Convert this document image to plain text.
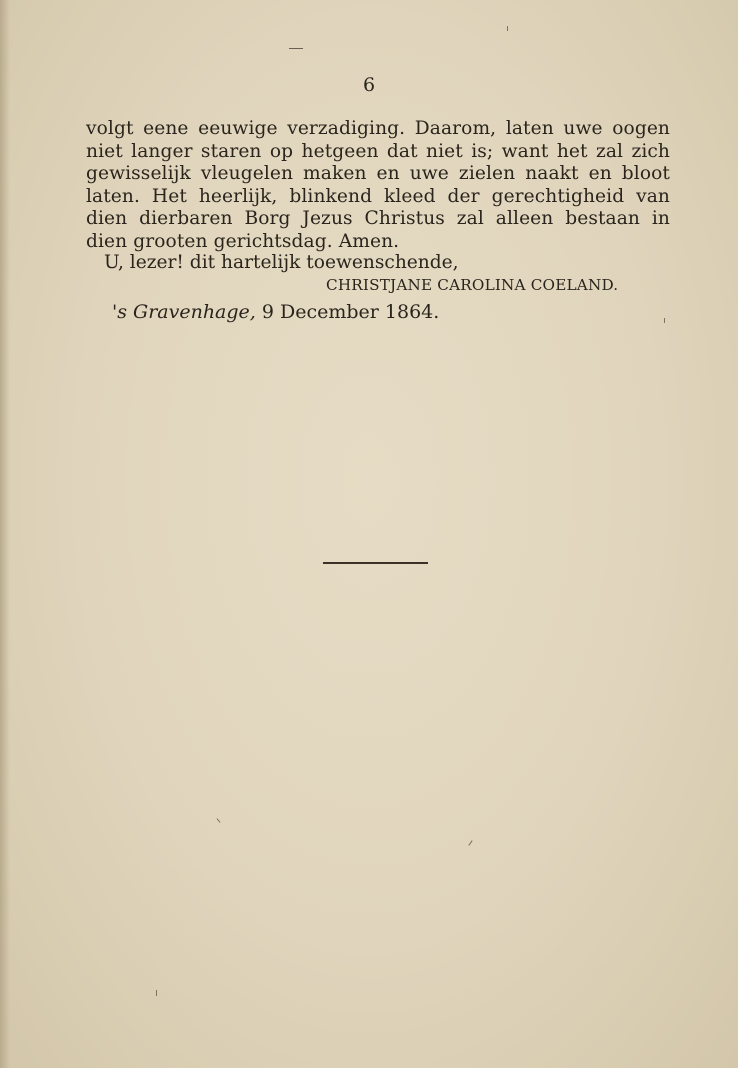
6
volgt eene eeuwige verzadiging. Daarom, laten uwe oogen
niet langer staren op hetgeen dat niet is; want het zal zich
gewisselijk vleugelen maken en uwe zielen naakt en bloot
laten. Het heerlijk, blinkend kleed der gerechtigheid van
dien dierbaren Borg Jezus Christus zal alleen bestaan in
dien grooten gerichtsdag. Amen.
U, lezer! dit hartelijk toewenschende,
CHRISTJANE CAROLINA COELAND.
's Gravenhage, 9 December 1864.
